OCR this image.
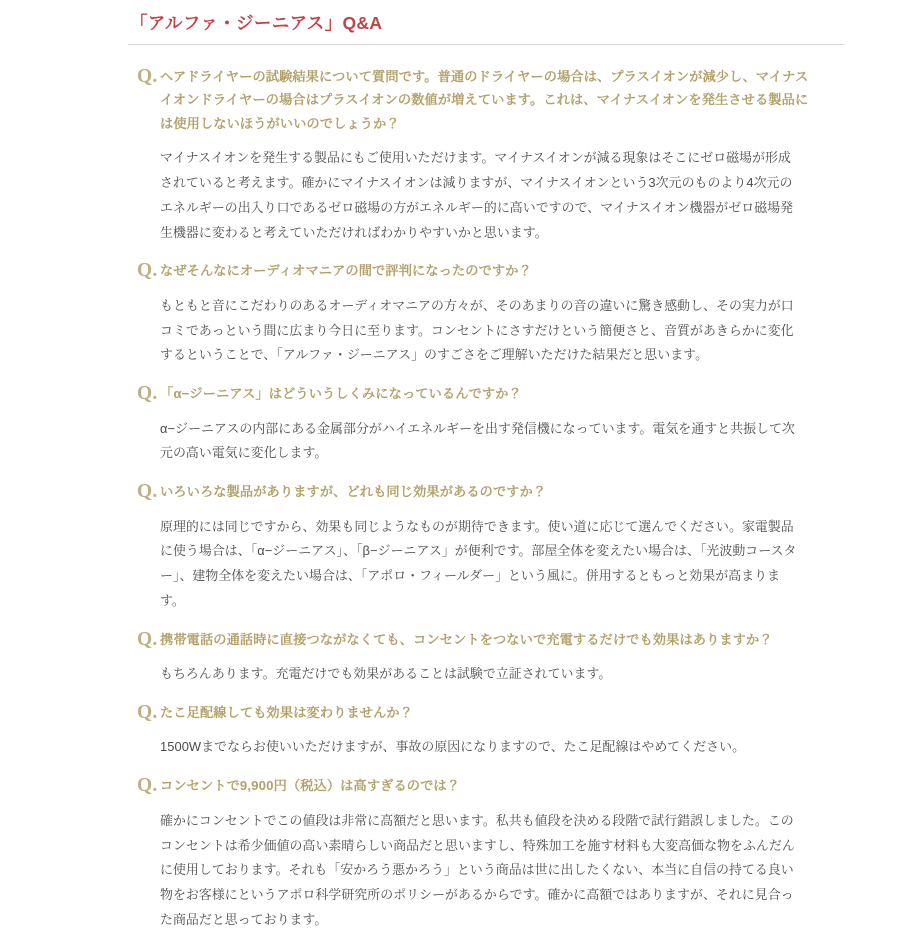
「アルファ・ジーニアス」Q&A
Q. ヘアドライヤーの試験結果について質問です。普通のドライヤーの場合は、プラスイオンが減少し、マイナスイオンドライヤーの場合はプラスイオンの数値が増えています。これは、マイナスイオンを発生させる製品には使用しないほうがいいのでしょうか？

マイナスイオンを発生する製品にもご使用いただけます。マイナスイオンが減る現象はそこにゼロ磁場が形成されていると考えます。確かにマイナスイオンは減りますが、マイナスイオンという3次元のものより4次元のエネルギーの出入り口であるゼロ磁場の方がエネルギー的に高いですので、マイナスイオン機器がゼロ磁場発生機器に変わると考えていただければわかりやすいかと思います。

Q. なぜそんなにオーディオマニアの間で評判になったのですか？

もともと音にこだわりのあるオーディオマニアの方々が、そのあまりの音の違いに驚き感動し、その実力が口コミであっという間に広まり今日に至ります。コンセントにさすだけという簡便さと、音質があきらかに変化するということで、「アルファ・ジーニアス」のすごさをご理解いただけた結果だと思います。

Q. 「α−ジーニアス」はどういうしくみになっているんですか？

α−ジーニアスの内部にある金属部分がハイエネルギーを出す発信機になっています。電気を通すと共振して次元の高い電気に変化します。

Q. いろいろな製品がありますが、どれも同じ効果があるのですか？

原理的には同じですから、効果も同じようなものが期待できます。使い道に応じて選んでください。家電製品に使う場合は、「α−ジーニアス」、「β−ジーニアス」が便利です。部屋全体を変えたい場合は、「光波動コースター」、建物全体を変えたい場合は、「アポロ・フィールダー」という風に。併用するともっと効果が高まります。

Q. 携帯電話の通話時に直接つながなくても、コンセントをつないで充電するだけでも効果はありますか？

もちろんあります。充電だけでも効果があることは試験で立証されています。

Q. たこ足配線しても効果は変わりませんか？

1500Wまでならお使いいただけますが、事故の原因になりますので、たこ足配線はやめてください。

Q. コンセントで9,900円（税込）は高すぎるのでは？

確かにコンセントでこの値段は非常に高額だと思います。私共も値段を決める段階で試行錯誤しました。このコンセントは希少価値の高い素晴らしい商品だと思いますし、特殊加工を施す材料も大変高価な物をふんだんに使用しております。それも「安かろう悪かろう」という商品は世に出したくない、本当に自信の持てる良い物をお客様にというアポロ科学研究所のポリシーがあるからです。確かに高額ではありますが、それに見合った商品だと思っております。
